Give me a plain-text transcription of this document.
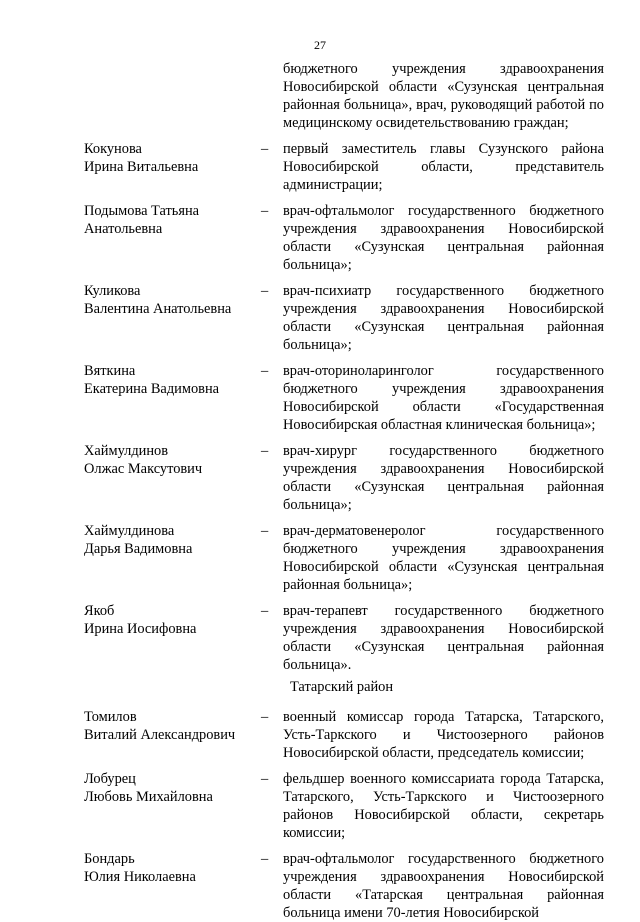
27
бюджетного учреждения здравоохранения Новосибирской области «Сузунская центральная районная больница», врач, руководящий работой по медицинскому освидетельствованию граждан;
Кокунова
Ирина Витальевна
–	первый заместитель главы Сузунского района Новосибирской области, представитель администрации;
Подымова Татьяна
Анатольевна
–	врач-офтальмолог государственного бюджетного учреждения здравоохранения Новосибирской области «Сузунская центральная районная больница»;
Куликова
Валентина Анатольевна
–	врач-психиатр государственного бюджетного учреждения здравоохранения Новосибирской области «Сузунская центральная районная больница»;
Вяткина
Екатерина Вадимовна
–	врач-оториноларинголог государственного бюджетного учреждения здравоохранения Новосибирской области «Государственная Новосибирская областная клиническая больница»;
Хаймулдинов
Олжас Максутович
–	врач-хирург государственного бюджетного учреждения здравоохранения Новосибирской области «Сузунская центральная районная больница»;
Хаймулдинова
Дарья Вадимовна
–	врач-дерматовенеролог государственного бюджетного учреждения здравоохранения Новосибирской области «Сузунская центральная районная больница»;
Якоб
Ирина Иосифовна
–	врач-терапевт государственного бюджетного учреждения здравоохранения Новосибирской области «Сузунская центральная районная больница».
Татарский район
Томилов
Виталий Александрович
–	военный комиссар города Татарска, Татарского, Усть-Таркского и Чистоозерного районов Новосибирской области, председатель комиссии;
Лобурец
Любовь Михайловна
–	фельдшер военного комиссариата города Татарска, Татарского, Усть-Таркского и Чистоозерного районов Новосибирской области, секретарь комиссии;
Бондарь
Юлия Николаевна
–	врач-офтальмолог государственного бюджетного учреждения здравоохранения Новосибирской области «Татарская центральная районная больница имени 70-летия Новосибирской
